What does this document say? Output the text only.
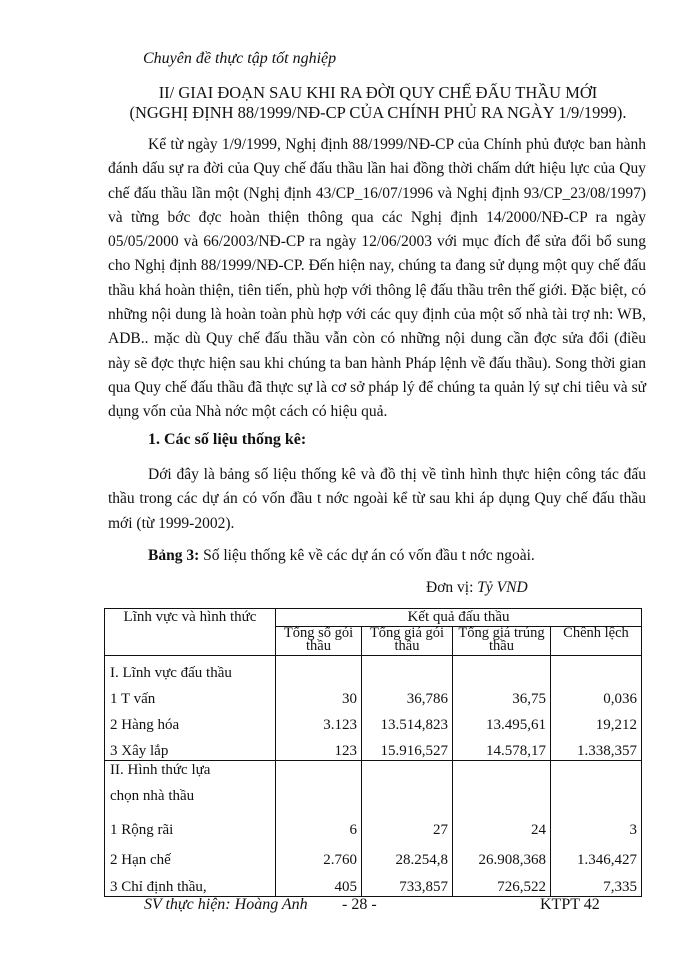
Chuyên đề thực tập tốt nghiệp
II/ GIAI ĐOẠN SAU KHI RA ĐỜI QUY CHẾ ĐẤU THẦU MỚI
(NGGHỊ ĐỊNH 88/1999/NĐ-CP CỦA CHÍNH PHỦ RA NGÀY 1/9/1999).

Kể từ ngày 1/9/1999, Nghị định 88/1999/NĐ-CP của Chính phủ được ban hành đánh dấu sự ra đời của Quy chế đấu thầu lần hai đồng thời chấm dứt hiệu lực của Quy chế đấu thầu lần một (Nghị định 43/CP_16/07/1996 và Nghị định 93/CP_23/08/1997) và từng bớc đợc hoàn thiện thông qua các Nghị định 14/2000/NĐ-CP ra ngày 05/05/2000 và 66/2003/NĐ-CP ra ngày 12/06/2003 với mục đích để sửa đổi bổ sung cho Nghị định 88/1999/NĐ-CP. Đến hiện nay, chúng ta đang sử dụng một quy chế đấu thầu khá hoàn thiện, tiên tiến, phù hợp với thông lệ đấu thầu trên thế giới. Đặc biệt, có những nội dung là hoàn toàn phù hợp với các quy định của một số nhà tài trợ nh: WB, ADB.. mặc dù Quy chế đấu thầu vẫn còn có những nội dung cần đợc sửa đổi (điều này sẽ đợc thực hiện sau khi chúng ta ban hành Pháp lệnh về đấu thầu). Song thời gian qua Quy chế đấu thầu đã thực sự là cơ sở pháp lý để chúng ta quản lý sự chi tiêu và sử dụng vốn của Nhà nớc một cách có hiệu quả.

1. Các số liệu thống kê:

Dới đây là bảng số liệu thống kê và đồ thị về tình hình thực hiện công tác đấu thầu trong các dự án có vốn đầu t nớc ngoài kể từ sau khi áp dụng Quy chế đấu thầu mới (từ 1999-2002).

Bảng 3: Số liệu thống kê về các dự án có vốn đầu t nớc ngoài.
Đơn vị: Tỷ VND
Lĩnh vực và hình thức	Kết quả đấu thầu			
	Tổng số gói thầu	Tổng giá gói thầu	Tổng giá trúng thầu	Chênh lệch
I. Lĩnh vực đấu thầu				
1 T vấn	30	36,786	36,75	0,036
2 Hàng hóa	3.123	13.514,823	13.495,61	19,212
3 Xây lắp	123	15.916,527	14.578,17	1.338,357
II. Hình thức lựa				
chọn nhà thầu				
1 Rộng rãi	6	27	24	3
2 Hạn chế	2.760	28.254,8	26.908,368	1.346,427
3 Chỉ định thầu,	405	733,857	726,522	7,335
SV thực hiện: Hoàng Anh - 28 -	KTPT 42
